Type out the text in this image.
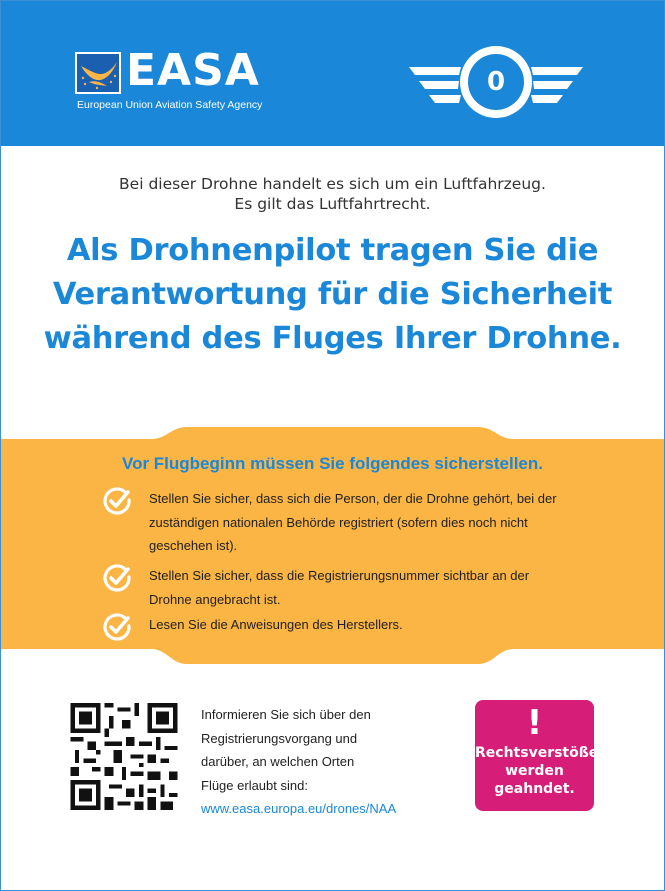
EASA
European Union Aviation Safety Agency
0
Bei dieser Drohne handelt es sich um ein Luftfahrzeug.
Es gilt das Luftfahrtrecht.
Als Drohnenpilot tragen Sie die
Verantwortung für die Sicherheit
während des Fluges Ihrer Drohne.
Vor Flugbeginn müssen Sie folgendes sicherstellen.
Stellen Sie sicher, dass sich die Person, der die Drohne gehört, bei der zuständigen nationalen Behörde registriert (sofern dies noch nicht geschehen ist).
Stellen Sie sicher, dass die Registrierungsnummer sichtbar an der Drohne angebracht ist.
Lesen Sie die Anweisungen des Herstellers.
Informieren Sie sich über den
Registrierungsvorgang und
darüber, an welchen Orten
Flüge erlaubt sind:
www.easa.europa.eu/drones/NAA
!
Rechtsverstöße
werden
geahndet.
